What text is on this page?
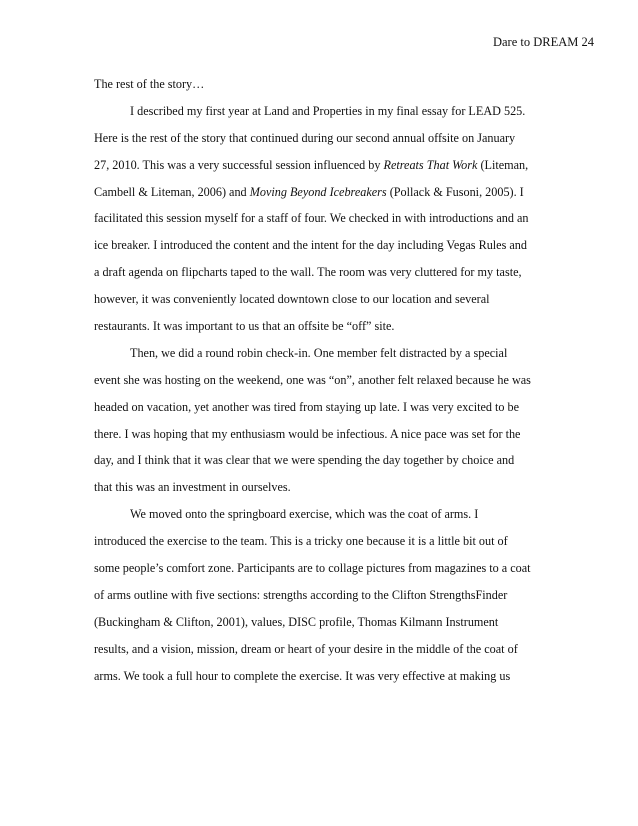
Dare to DREAM 24
The rest of the story…
I described my first year at Land and Properties in my final essay for LEAD 525.
Here is the rest of the story that continued during our second annual offsite on January
27, 2010. This was a very successful session influenced by Retreats That Work (Liteman,
Cambell & Liteman, 2006) and Moving Beyond Icebreakers (Pollack & Fusoni, 2005). I
facilitated this session myself for a staff of four. We checked in with introductions and an
ice breaker. I introduced the content and the intent for the day including Vegas Rules and
a draft agenda on flipcharts taped to the wall. The room was very cluttered for my taste,
however, it was conveniently located downtown close to our location and several
restaurants. It was important to us that an offsite be “off” site.
Then, we did a round robin check-in. One member felt distracted by a special
event she was hosting on the weekend, one was “on”, another felt relaxed because he was
headed on vacation, yet another was tired from staying up late. I was very excited to be
there. I was hoping that my enthusiasm would be infectious. A nice pace was set for the
day, and I think that it was clear that we were spending the day together by choice and
that this was an investment in ourselves.
We moved onto the springboard exercise, which was the coat of arms. I
introduced the exercise to the team. This is a tricky one because it is a little bit out of
some people’s comfort zone. Participants are to collage pictures from magazines to a coat
of arms outline with five sections: strengths according to the Clifton StrengthsFinder
(Buckingham & Clifton, 2001), values, DISC profile, Thomas Kilmann Instrument
results, and a vision, mission, dream or heart of your desire in the middle of the coat of
arms. We took a full hour to complete the exercise. It was very effective at making us
